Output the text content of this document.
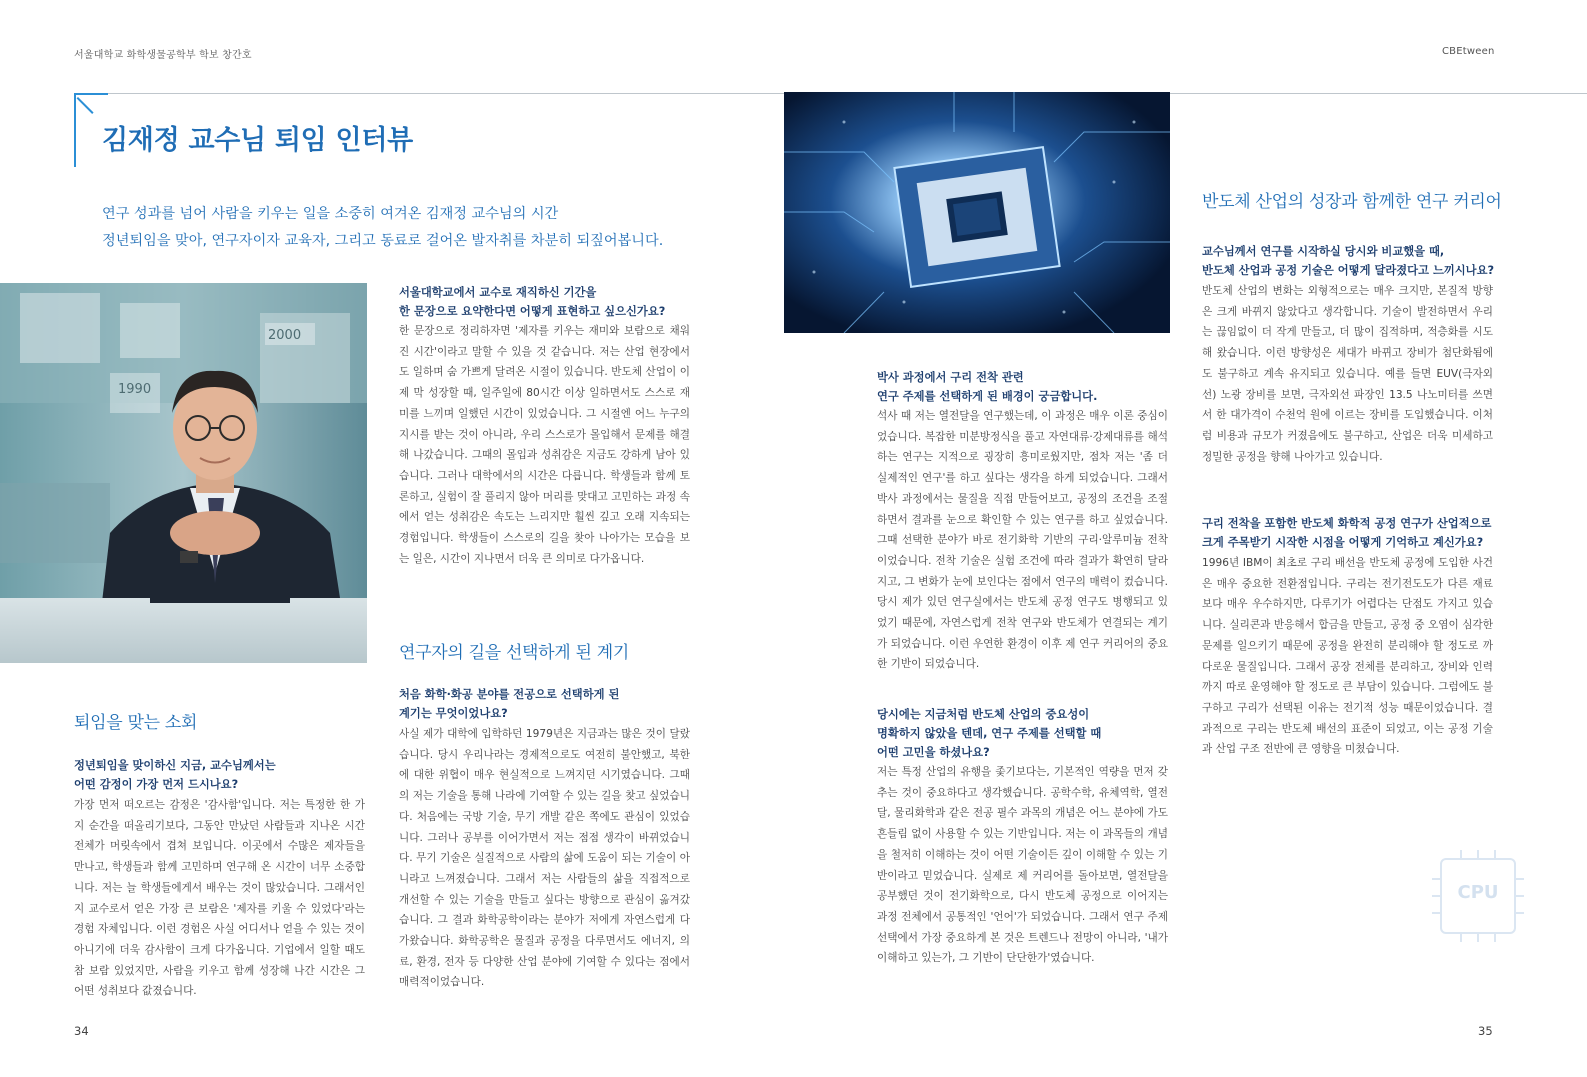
서울대학교 화학생물공학부 학보 창간호	CBEtween
김재정 교수님 퇴임 인터뷰
연구 성과를 넘어 사람을 키우는 일을 소중히 여겨온 김재정 교수님의 시간
정년퇴임을 맞아, 연구자이자 교육자, 그리고 동료로 걸어온 발자취를 차분히 되짚어봅니다.
1990
2000
퇴임을 맞는 소회
정년퇴임을 맞이하신 지금, 교수님께서는
어떤 감정이 가장 먼저 드시나요?
가장 먼저 떠오르는 감정은 '감사함'입니다. 저는 특정한 한 가지 순간을 떠올리기보다, 그동안 만났던 사람들과 지나온 시간 전체가 머릿속에서 겹쳐 보입니다. 이곳에서 수많은 제자들을 만나고, 학생들과 함께 고민하며 연구해 온 시간이 너무 소중합니다. 저는 늘 학생들에게서 배우는 것이 많았습니다. 그래서인지 교수로서 얻은 가장 큰 보람은 '제자를 키울 수 있었다'라는 경험 자체입니다. 이런 경험은 사실 어디서나 얻을 수 있는 것이 아니기에 더욱 감사함이 크게 다가옵니다. 기업에서 일할 때도 참 보람 있었지만, 사람을 키우고 함께 성장해 나간 시간은 그 어떤 성취보다 값졌습니다.
서울대학교에서 교수로 재직하신 기간을
한 문장으로 요약한다면 어떻게 표현하고 싶으신가요?
한 문장으로 정리하자면 '제자를 키우는 재미와 보람으로 채워진 시간'이라고 말할 수 있을 것 같습니다. 저는 산업 현장에서도 일하며 숨 가쁘게 달려온 시절이 있습니다. 반도체 산업이 이제 막 성장할 때, 일주일에 80시간 이상 일하면서도 스스로 재미를 느끼며 일했던 시간이 있었습니다. 그 시절엔 어느 누구의 지시를 받는 것이 아니라, 우리 스스로가 몰입해서 문제를 해결해 나갔습니다. 그때의 몰입과 성취감은 지금도 강하게 남아 있습니다. 그러나 대학에서의 시간은 다릅니다. 학생들과 함께 토론하고, 실험이 잘 풀리지 않아 머리를 맞대고 고민하는 과정 속에서 얻는 성취감은 속도는 느리지만 훨씬 깊고 오래 지속되는 경험입니다. 학생들이 스스로의 길을 찾아 나아가는 모습을 보는 일은, 시간이 지나면서 더욱 큰 의미로 다가옵니다.
연구자의 길을 선택하게 된 계기
처음 화학·화공 분야를 전공으로 선택하게 된
계기는 무엇이었나요?
사실 제가 대학에 입학하던 1979년은 지금과는 많은 것이 달랐습니다. 당시 우리나라는 경제적으로도 여전히 불안했고, 북한에 대한 위협이 매우 현실적으로 느껴지던 시기였습니다. 그때의 저는 기술을 통해 나라에 기여할 수 있는 길을 찾고 싶었습니다. 처음에는 국방 기술, 무기 개발 같은 쪽에도 관심이 있었습니다. 그러나 공부를 이어가면서 저는 점점 생각이 바뀌었습니다. 무기 기술은 실질적으로 사람의 삶에 도움이 되는 기술이 아니라고 느껴졌습니다. 그래서 저는 사람들의 삶을 직접적으로 개선할 수 있는 기술을 만들고 싶다는 방향으로 관심이 옮겨갔습니다. 그 결과 화학공학이라는 분야가 저에게 자연스럽게 다가왔습니다. 화학공학은 물질과 공정을 다루면서도 에너지, 의료, 환경, 전자 등 다양한 산업 분야에 기여할 수 있다는 점에서 매력적이었습니다.
박사 과정에서 구리 전착 관련
연구 주제를 선택하게 된 배경이 궁금합니다.
석사 때 저는 열전달을 연구했는데, 이 과정은 매우 이론 중심이었습니다. 복잡한 미분방정식을 풀고 자연대류·강제대류를 해석하는 연구는 지적으로 굉장히 흥미로웠지만, 점차 저는 '좀 더 실제적인 연구'를 하고 싶다는 생각을 하게 되었습니다. 그래서 박사 과정에서는 물질을 직접 만들어보고, 공정의 조건을 조절하면서 결과를 눈으로 확인할 수 있는 연구를 하고 싶었습니다. 그때 선택한 분야가 바로 전기화학 기반의 구리·알루미늄 전착이었습니다. 전착 기술은 실험 조건에 따라 결과가 확연히 달라지고, 그 변화가 눈에 보인다는 점에서 연구의 매력이 컸습니다. 당시 제가 있던 연구실에서는 반도체 공정 연구도 병행되고 있었기 때문에, 자연스럽게 전착 연구와 반도체가 연결되는 계기가 되었습니다. 이런 우연한 환경이 이후 제 연구 커리어의 중요한 기반이 되었습니다.
당시에는 지금처럼 반도체 산업의 중요성이
명확하지 않았을 텐데, 연구 주제를 선택할 때
어떤 고민을 하셨나요?
저는 특정 산업의 유행을 좇기보다는, 기본적인 역량을 먼저 갖추는 것이 중요하다고 생각했습니다. 공학수학, 유체역학, 열전달, 물리화학과 같은 전공 필수 과목의 개념은 어느 분야에 가도 흔들림 없이 사용할 수 있는 기반입니다. 저는 이 과목들의 개념을 철저히 이해하는 것이 어떤 기술이든 깊이 이해할 수 있는 기반이라고 믿었습니다. 실제로 제 커리어를 돌아보면, 열전달을 공부했던 것이 전기화학으로, 다시 반도체 공정으로 이어지는 과정 전체에서 공통적인 '언어'가 되었습니다. 그래서 연구 주제 선택에서 가장 중요하게 본 것은 트렌드나 전망이 아니라, '내가 이해하고 있는가, 그 기반이 단단한가'였습니다.
반도체 산업의 성장과 함께한 연구 커리어
교수님께서 연구를 시작하실 당시와 비교했을 때,
반도체 산업과 공정 기술은 어떻게 달라졌다고 느끼시나요?
반도체 산업의 변화는 외형적으로는 매우 크지만, 본질적 방향은 크게 바뀌지 않았다고 생각합니다. 기술이 발전하면서 우리는 끊임없이 더 작게 만들고, 더 많이 집적하며, 적층화를 시도해 왔습니다. 이런 방향성은 세대가 바뀌고 장비가 첨단화됨에도 불구하고 계속 유지되고 있습니다. 예를 들면 EUV(극자외선) 노광 장비를 보면, 극자외선 파장인 13.5 나노미터를 쓰면서 한 대가격이 수천억 원에 이르는 장비를 도입했습니다. 이처럼 비용과 규모가 커졌음에도 불구하고, 산업은 더욱 미세하고 정밀한 공정을 향해 나아가고 있습니다.
구리 전착을 포함한 반도체 화학적 공정 연구가 산업적으로
크게 주목받기 시작한 시점을 어떻게 기억하고 계신가요?
1996년 IBM이 최초로 구리 배선을 반도체 공정에 도입한 사건은 매우 중요한 전환점입니다. 구리는 전기전도도가 다른 재료보다 매우 우수하지만, 다루기가 어렵다는 단점도 가지고 있습니다. 실리콘과 반응해서 합금을 만들고, 공정 중 오염이 심각한 문제를 일으키기 때문에 공정을 완전히 분리해야 할 정도로 까다로운 물질입니다. 그래서 공장 전체를 분리하고, 장비와 인력까지 따로 운영해야 할 정도로 큰 부담이 있습니다. 그럼에도 불구하고 구리가 선택된 이유는 전기적 성능 때문이었습니다. 결과적으로 구리는 반도체 배선의 표준이 되었고, 이는 공정 기술과 산업 구조 전반에 큰 영향을 미쳤습니다.
CPU
34	35
